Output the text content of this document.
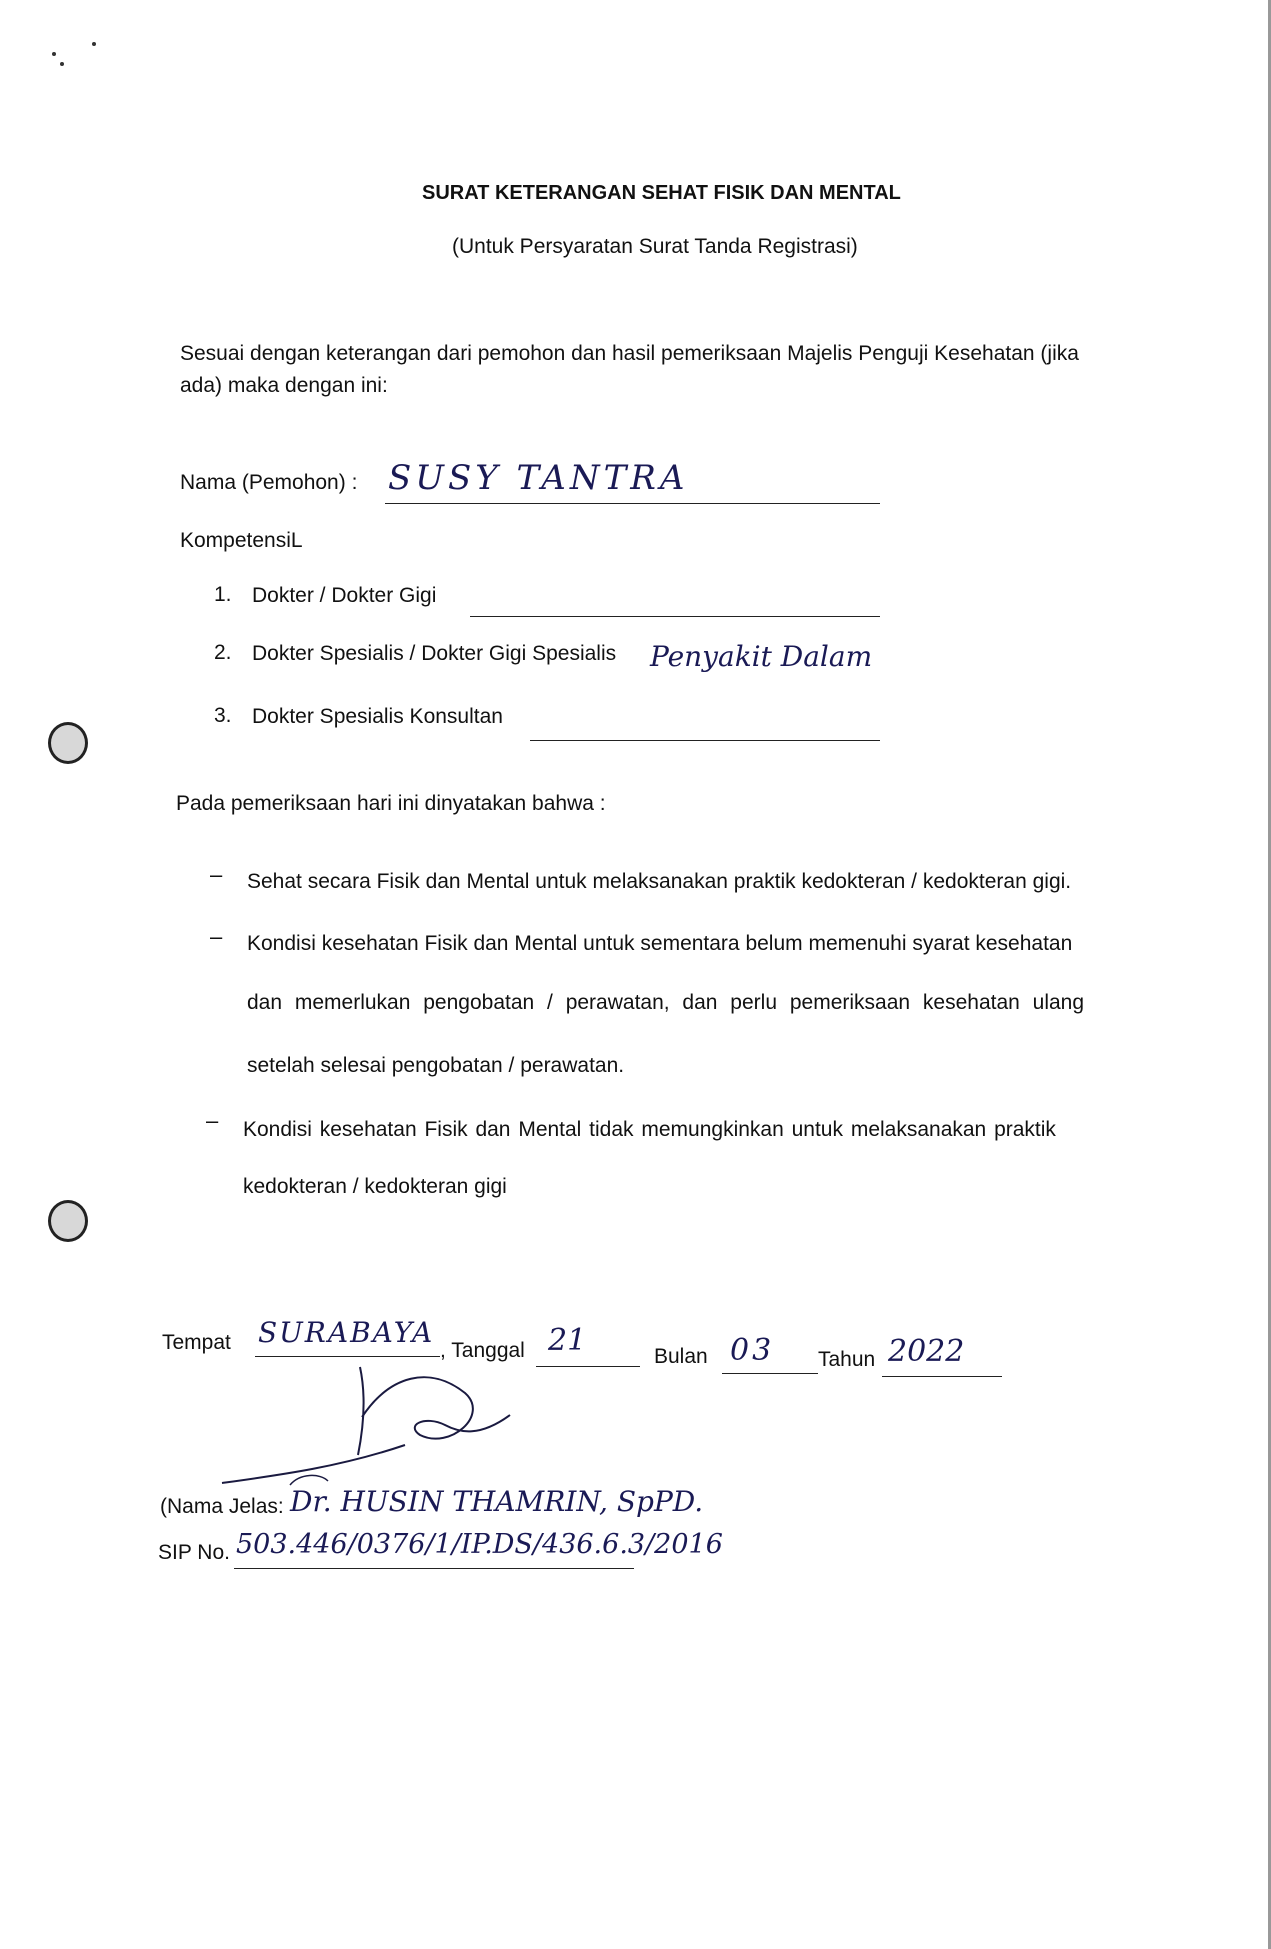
SURAT KETERANGAN SEHAT FISIK DAN MENTAL
(Untuk Persyaratan Surat Tanda Registrasi)
Sesuai dengan keterangan dari pemohon dan hasil pemeriksaan Majelis Penguji Kesehatan (jika
ada) maka dengan ini:
Nama (Pemohon) : SUSY TANTRA
KompetensiL
1. Dokter / Dokter Gigi
2. Dokter Spesialis / Dokter Gigi Spesialis Penyakit Dalam
3. Dokter Spesialis Konsultan
Pada pemeriksaan hari ini dinyatakan bahwa :
– Sehat secara Fisik dan Mental untuk melaksanakan praktik kedokteran / kedokteran gigi.
– Kondisi kesehatan Fisik dan Mental untuk sementara belum memenuhi syarat kesehatan
dan memerlukan pengobatan / perawatan, dan perlu pemeriksaan kesehatan ulang
setelah selesai pengobatan / perawatan.
– Kondisi kesehatan Fisik dan Mental tidak memungkinkan untuk melaksanakan praktik
kedokteran / kedokteran gigi
Tempat SURABAYA
, Tanggal 21	Bulan 03 Tahun 2022
(Nama Jelas: Dr. HUSIN THAMRIN, SpPD.
SIP No. 503.446/0376/1/IP.DS/436.6.3/2016
